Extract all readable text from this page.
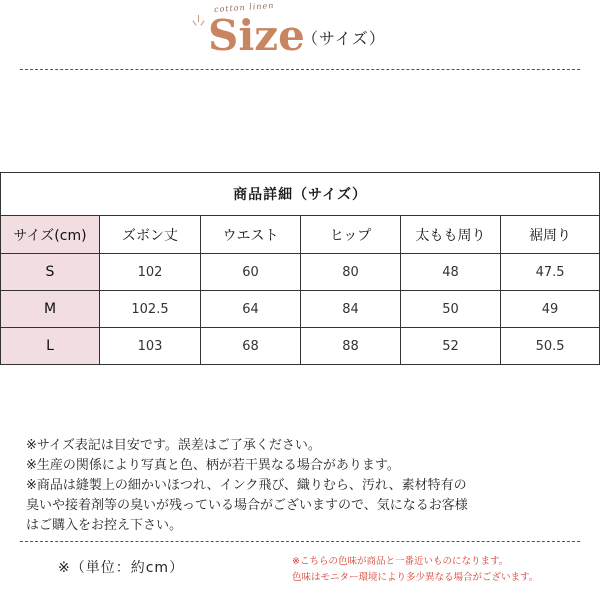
cotton linen
Size
（サイズ）
商品詳細（サイズ）					
サイズ(cm)	ズボン丈	ウエスト	ヒップ	太もも周り	裾周り
S	102	60	80	48	47.5
M	102.5	64	84	50	49
L	103	68	88	52	50.5

※サイズ表記は目安です。誤差はご了承ください。

※生産の関係により写真と色、柄が若干異なる場合があります。

※商品は縫製上の細かいほつれ、インク飛び、織りむら、汚れ、素材特有の

臭いや接着剤等の臭いが残っている場合がございますので、気になるお客様

はご購入をお控え下さい。

※（単位：約cm）	※こちらの色味が商品と一番近いものになります。

色味はモニター環境により多少異なる場合がございます。
